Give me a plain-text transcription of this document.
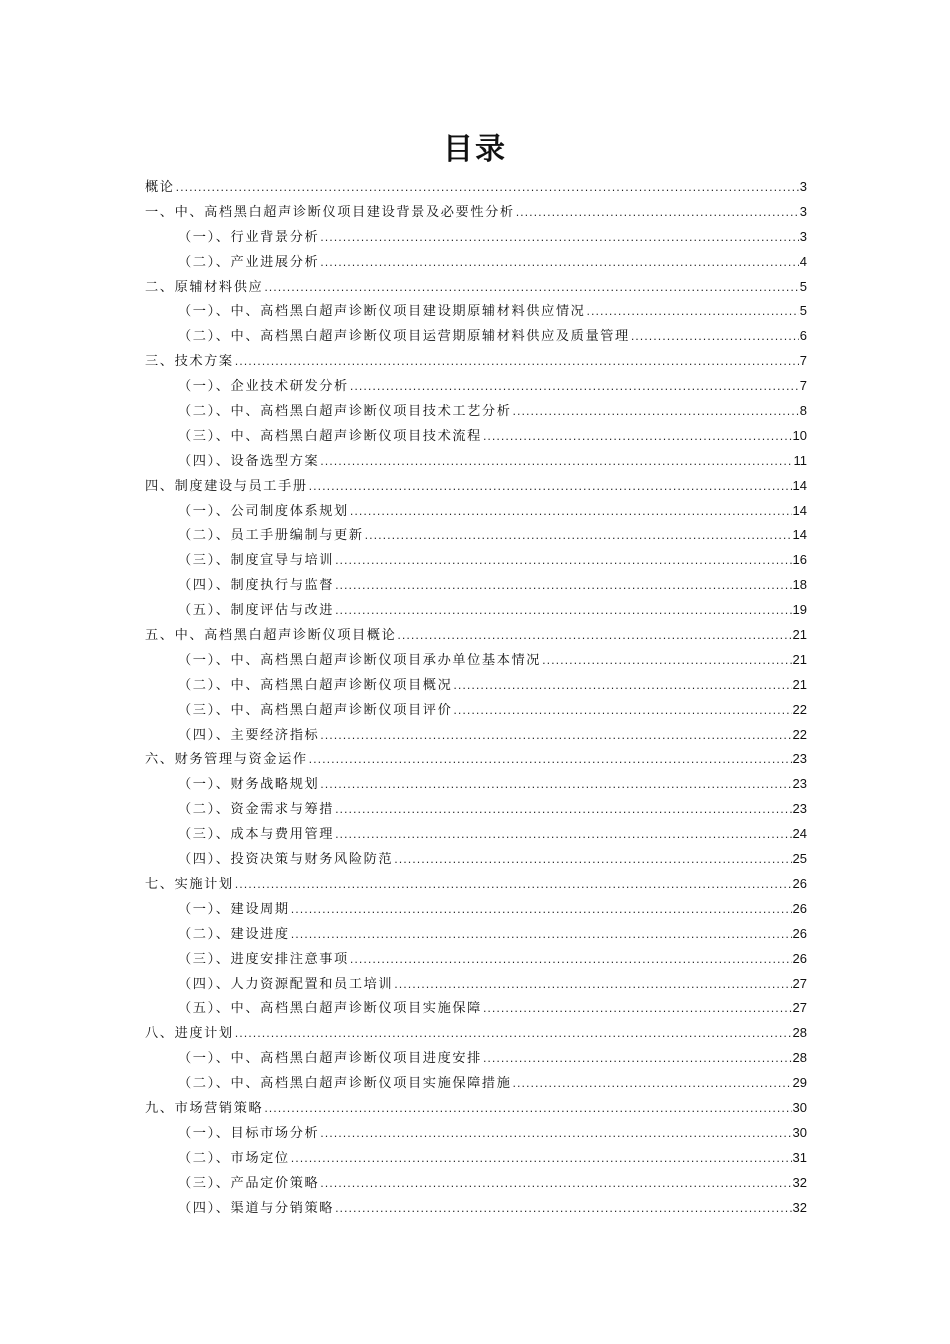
目录
概论 .....	3
一、中、高档黑白超声诊断仪项目建设背景及必要性分析 .....	3
（一）、行业背景分析 .....	3
（二）、产业进展分析 .....	4
二、原辅材料供应 .....	5
（一）、中、高档黑白超声诊断仪项目建设期原辅材料供应情况 .....	5
（二）、中、高档黑白超声诊断仪项目运营期原辅材料供应及质量管理 .....	6
三、技术方案 .....	7
（一）、企业技术研发分析 .....	7
（二）、中、高档黑白超声诊断仪项目技术工艺分析 .....	8
（三）、中、高档黑白超声诊断仪项目技术流程 .....	10
（四）、设备选型方案 .....	11
四、制度建设与员工手册 .....	14
（一）、公司制度体系规划 .....	14
（二）、员工手册编制与更新 .....	14
（三）、制度宣导与培训 .....	16
（四）、制度执行与监督 .....	18
（五）、制度评估与改进 .....	19
五、中、高档黑白超声诊断仪项目概论 .....	21
（一）、中、高档黑白超声诊断仪项目承办单位基本情况 .....	21
（二）、中、高档黑白超声诊断仪项目概况 .....	21
（三）、中、高档黑白超声诊断仪项目评价 .....	22
（四）、主要经济指标 .....	22
六、财务管理与资金运作 .....	23
（一）、财务战略规划 .....	23
（二）、资金需求与筹措 .....	23
（三）、成本与费用管理 .....	24
（四）、投资决策与财务风险防范 .....	25
七、实施计划 .....	26
（一）、建设周期 .....	26
（二）、建设进度 .....	26
（三）、进度安排注意事项 .....	26
（四）、人力资源配置和员工培训 .....	27
（五）、中、高档黑白超声诊断仪项目实施保障 .....	27
八、进度计划 .....	28
（一）、中、高档黑白超声诊断仪项目进度安排 .....	28
（二）、中、高档黑白超声诊断仪项目实施保障措施 .....	29
九、市场营销策略 .....	30
（一）、目标市场分析 .....	30
（二）、市场定位 .....	31
（三）、产品定价策略 .....	32
（四）、渠道与分销策略 .....	32
